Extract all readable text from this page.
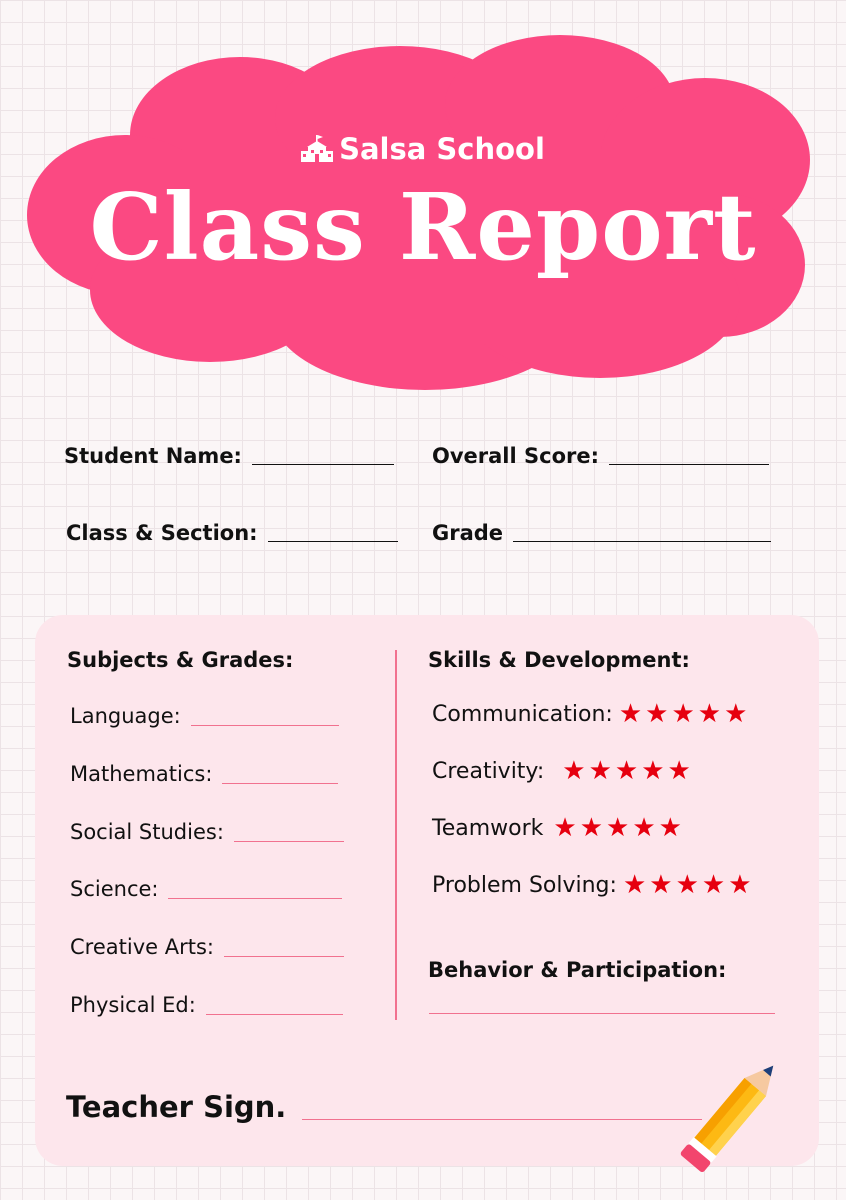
Salsa School
Class Report
Student Name:	Overall Score:
Class & Section:	Grade
Subjects & Grades:
Language:
Mathematics:
Social Studies:
Science:
Creative Arts:
Physical Ed:
Skills & Development:
Communication: ★ ★ ★ ★ ★
Creativity: ★ ★ ★ ★ ★
Teamwork ★ ★ ★ ★ ★
Problem Solving: ★ ★ ★ ★ ★
Behavior & Participation:
Teacher Sign.
